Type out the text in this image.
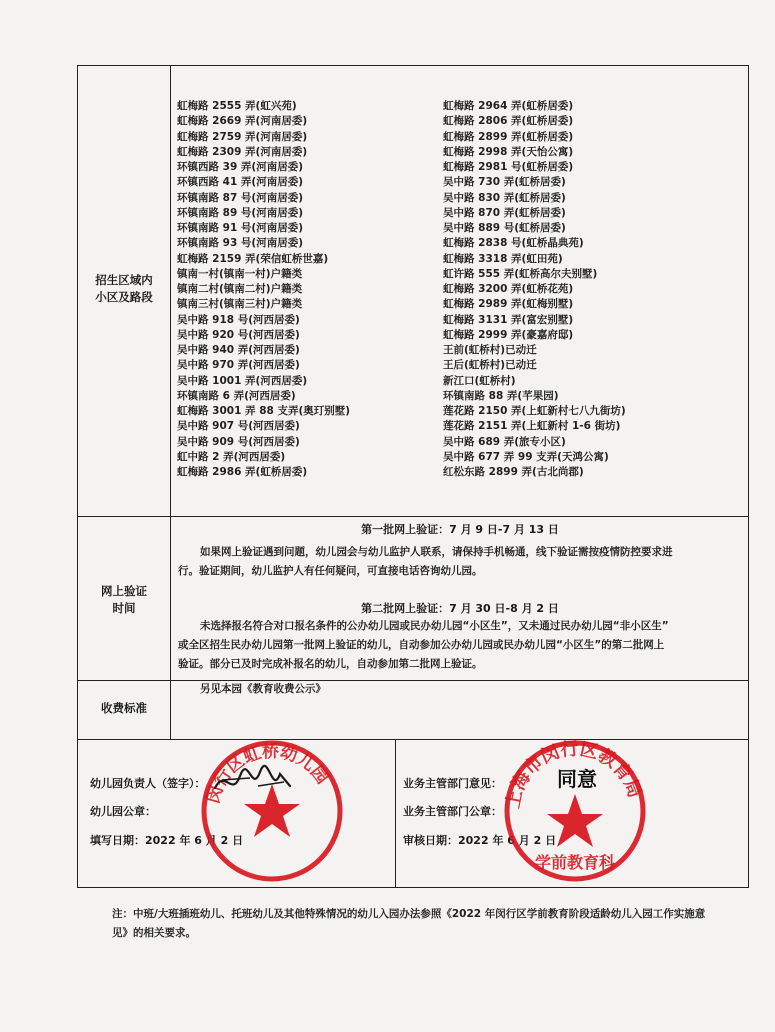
招生区域内
小区及路段
虹梅路 2555 弄(虹兴苑)
虹梅路 2669 弄(河南居委)
虹梅路 2759 弄(河南居委)
虹梅路 2309 弄(河南居委)
环镇西路 39 弄(河南居委)
环镇西路 41 弄(河南居委)
环镇南路 87 号(河南居委)
环镇南路 89 号(河南居委)
环镇南路 91 号(河南居委)
环镇南路 93 号(河南居委)
虹梅路 2159 弄(荣信虹桥世嘉)
镇南一村(镇南一村)户籍类
镇南二村(镇南二村)户籍类
镇南三村(镇南三村)户籍类
吴中路 918 号(河西居委)
吴中路 920 号(河西居委)
吴中路 940 弄(河西居委)
吴中路 970 弄(河西居委)
吴中路 1001 弄(河西居委)
环镇南路 6 弄(河西居委)
虹梅路 3001 弄 88 支弄(奥玎别墅)
吴中路 907 号(河西居委)
吴中路 909 号(河西居委)
虹中路 2 弄(河西居委)
虹梅路 2986 弄(虹桥居委)
虹梅路 2964 弄(虹桥居委)
虹梅路 2806 弄(虹桥居委)
虹梅路 2899 弄(虹桥居委)
虹梅路 2998 弄(天怡公寓)
虹梅路 2981 号(虹桥居委)
吴中路 730 弄(虹桥居委)
吴中路 830 弄(虹桥居委)
吴中路 870 弄(虹桥居委)
吴中路 889 号(虹桥居委)
虹梅路 2838 号(虹桥晶典苑)
虹梅路 3318 弄(虹田苑)
虹许路 555 弄(虹桥高尔夫别墅)
虹梅路 3200 弄(虹桥花苑)
虹梅路 2989 弄(虹梅别墅)
虹梅路 3131 弄(富宏别墅)
虹梅路 2999 弄(豪嘉府邸)
王前(虹桥村)已动迁
王后(虹桥村)已动迁
新江口(虹桥村)
环镇南路 88 弄(芊果园)
莲花路 2150 弄(上虹新村七八九街坊)
莲花路 2151 弄(上虹新村 1-6 街坊)
吴中路 689 弄(旅专小区)
吴中路 677 弄 99 支弄(天鸿公寓)
红松东路 2899 弄(古北尚郡)
网上验证
时间
第一批网上验证：7 月 9 日-7 月 13 日
如果网上验证遇到问题，幼儿园会与幼儿监护人联系，请保持手机畅通，线下验证需按疫情防控要求进
行。验证期间，幼儿监护人有任何疑问，可直接电话咨询幼儿园。
第二批网上验证：7 月 30 日-8 月 2 日
未选择报名符合对口报名条件的公办幼儿园或民办幼儿园“小区生”，又未通过民办幼儿园“非小区生”
或全区招生民办幼儿园第一批网上验证的幼儿，自动参加公办幼儿园或民办幼儿园“小区生”的第二批网上
验证。部分已及时完成补报名的幼儿，自动参加第二批网上验证。
收费标准
另见本园《教育收费公示》
幼儿园负责人（签字）：
幼儿园公章：
填写日期：2022 年 6 月 2 日
业务主管部门意见：
业务主管部门公章：
审核日期：2022 年 6 月 2 日
闵行区虹桥幼儿园
上海市闵行区教育局
学前教育科
同意
注：中班/大班插班幼儿、托班幼儿及其他特殊情况的幼儿入园办法参照《2022 年闵行区学前教育阶段适龄幼儿入园工作实施意见》的相关要求。
